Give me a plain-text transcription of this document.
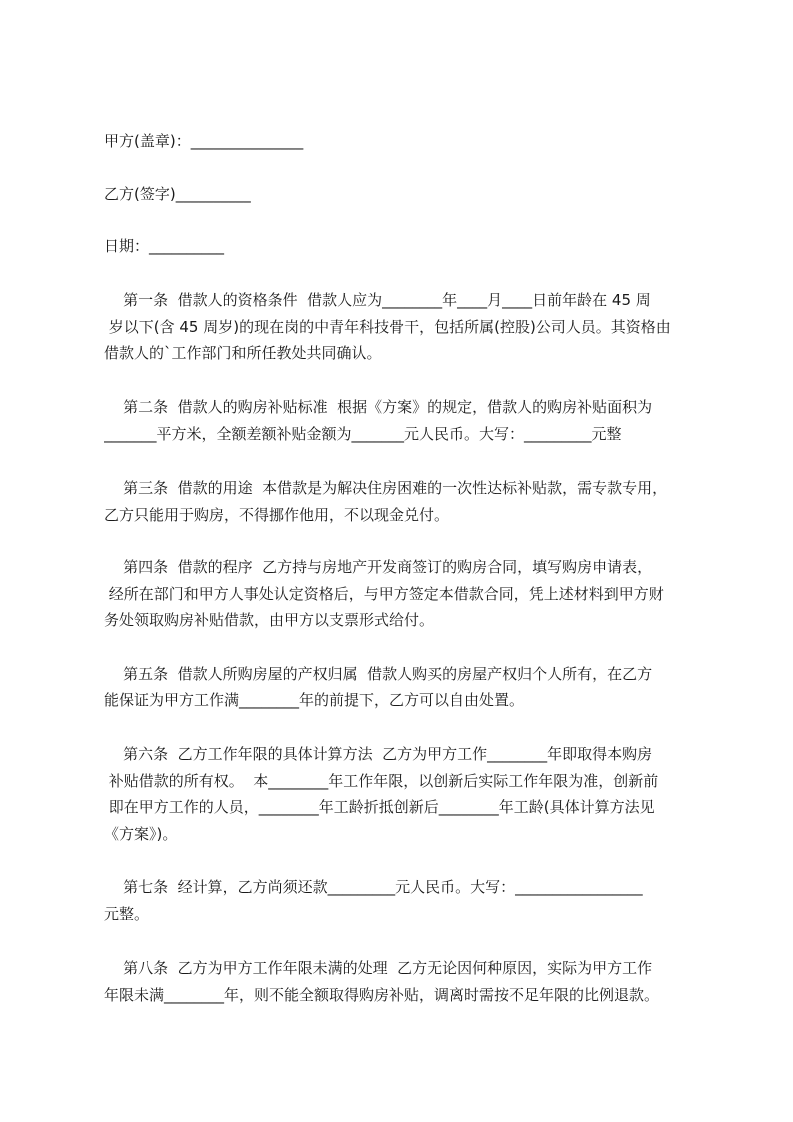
甲方(盖章)：_______________
乙方(签字)__________
日期：__________
第一条  借款人的资格条件  借款人应为________年____月____日前年龄在 45 周
岁以下(含 45 周岁)的现在岗的中青年科技骨干，包括所属(控股)公司人员。其资格由
借款人的`工作部门和所任教处共同确认。
第二条  借款人的购房补贴标准  根据《方案》的规定，借款人的购房补贴面积为
_______平方米，全额差额补贴金额为_______元人民币。大写：_________元整
第三条  借款的用途  本借款是为解决住房困难的一次性达标补贴款，需专款专用，
乙方只能用于购房，不得挪作他用，不以现金兑付。
第四条  借款的程序  乙方持与房地产开发商签订的购房合同，填写购房申请表，
经所在部门和甲方人事处认定资格后，与甲方签定本借款合同，凭上述材料到甲方财
务处领取购房补贴借款，由甲方以支票形式给付。
第五条  借款人所购房屋的产权归属  借款人购买的房屋产权归个人所有，在乙方
能保证为甲方工作满________年的前提下，乙方可以自由处置。
第六条  乙方工作年限的具体计算方法  乙方为甲方工作________年即取得本购房
补贴借款的所有权。  本________年工作年限，以创新后实际工作年限为准，创新前
即在甲方工作的人员，________年工龄折抵创新后________年工龄(具体计算方法见
《方案》)。
第七条  经计算，乙方尚须还款_________元人民币。大写：_________________
元整。
第八条  乙方为甲方工作年限未满的处理  乙方无论因何种原因，实际为甲方工作
年限未满________年，则不能全额取得购房补贴，调离时需按不足年限的比例退款。
